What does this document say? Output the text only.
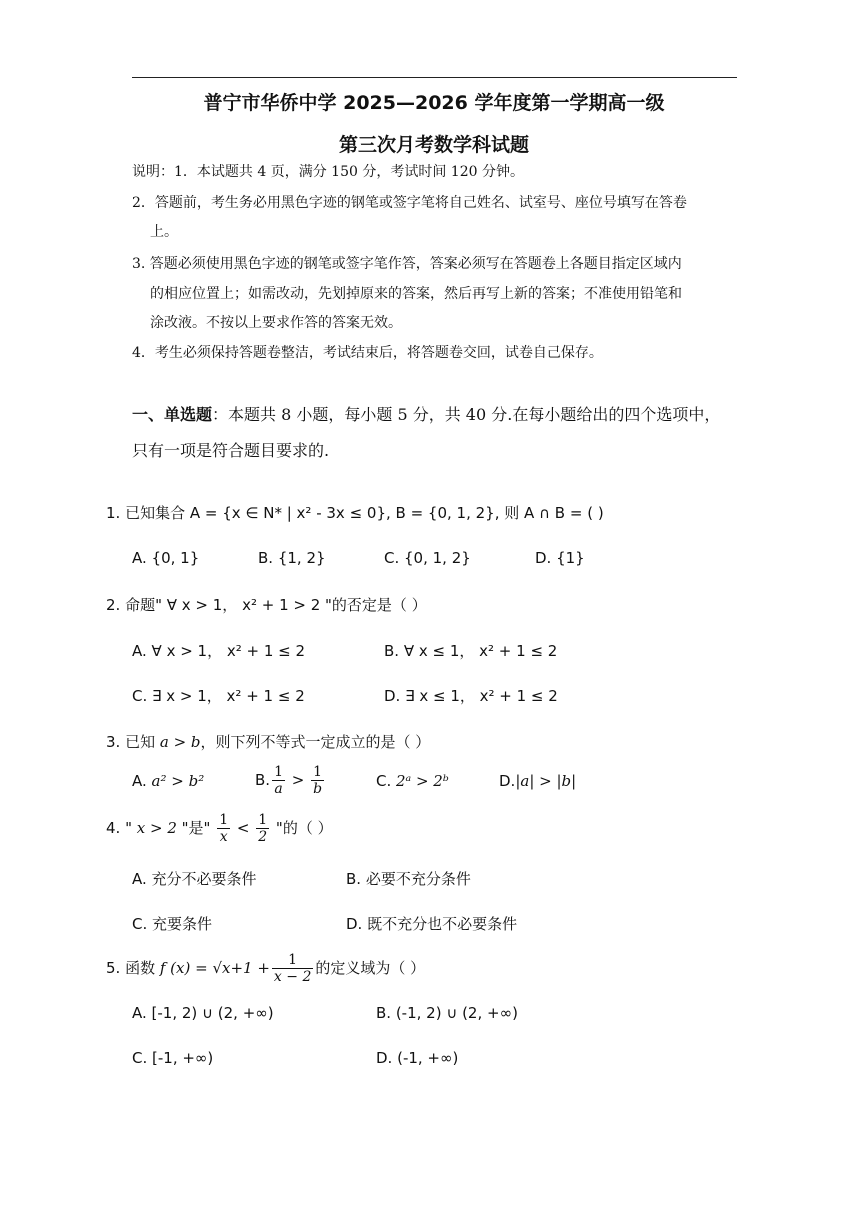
普宁市华侨中学 2025—2026 学年度第一学期高一级
第三次月考数学科试题
说明：1．本试题共 4 页，满分 150 分，考试时间 120 分钟。
2．答题前，考生务必用黑色字迹的钢笔或签字笔将自己姓名、试室号、座位号填写在答卷
上。
3. 答题必须使用黑色字迹的钢笔或签字笔作答，答案必须写在答题卷上各题目指定区域内
的相应位置上；如需改动，先划掉原来的答案，然后再写上新的答案；不准使用铅笔和
涂改液。不按以上要求作答的答案无效。
4．考生必须保持答题卷整洁，考试结束后，将答题卷交回，试卷自己保存。
一、单选题：本题共 8 小题，每小题 5 分，共 40 分.在每小题给出的四个选项中，
只有一项是符合题目要求的.
1. 已知集合 A = {x ∈ N* | x² - 3x ≤ 0}, B = {0, 1, 2}, 则 A ∩ B = ( )
A. {0, 1}	B. {1, 2}	C. {0, 1, 2}	D. {1}
2. 命题" ∀ x > 1， x² + 1 > 2 "的否定是（ ）
A. ∀ x > 1， x² + 1 ≤ 2	B. ∀ x ≤ 1， x² + 1 ≤ 2
C. ∃ x > 1， x² + 1 ≤ 2	D. ∃ x ≤ 1， x² + 1 ≤ 2
3. 已知 a > b，则下列不等式一定成立的是（ ）
A. a² > b²	B. $\frac{1}{a} > \frac{1}{b}$	C. 2ᵃ > 2ᵇ	D.|a| > |b|
4. " x > 2 "是" $\frac{1}{x} < \frac{1}{2}$ "的（ ）
A. 充分不必要条件	B. 必要不充分条件
C. 充要条件	D. 既不充分也不必要条件
5. 函数 f $(x) = √x+1 + \frac{1}{x - 2}$ 的定义域为（ ）
A. [-1, 2) ∪ (2, +∞)	B. (-1, 2) ∪ (2, +∞)
C. [-1, +∞)	D. (-1, +∞)
